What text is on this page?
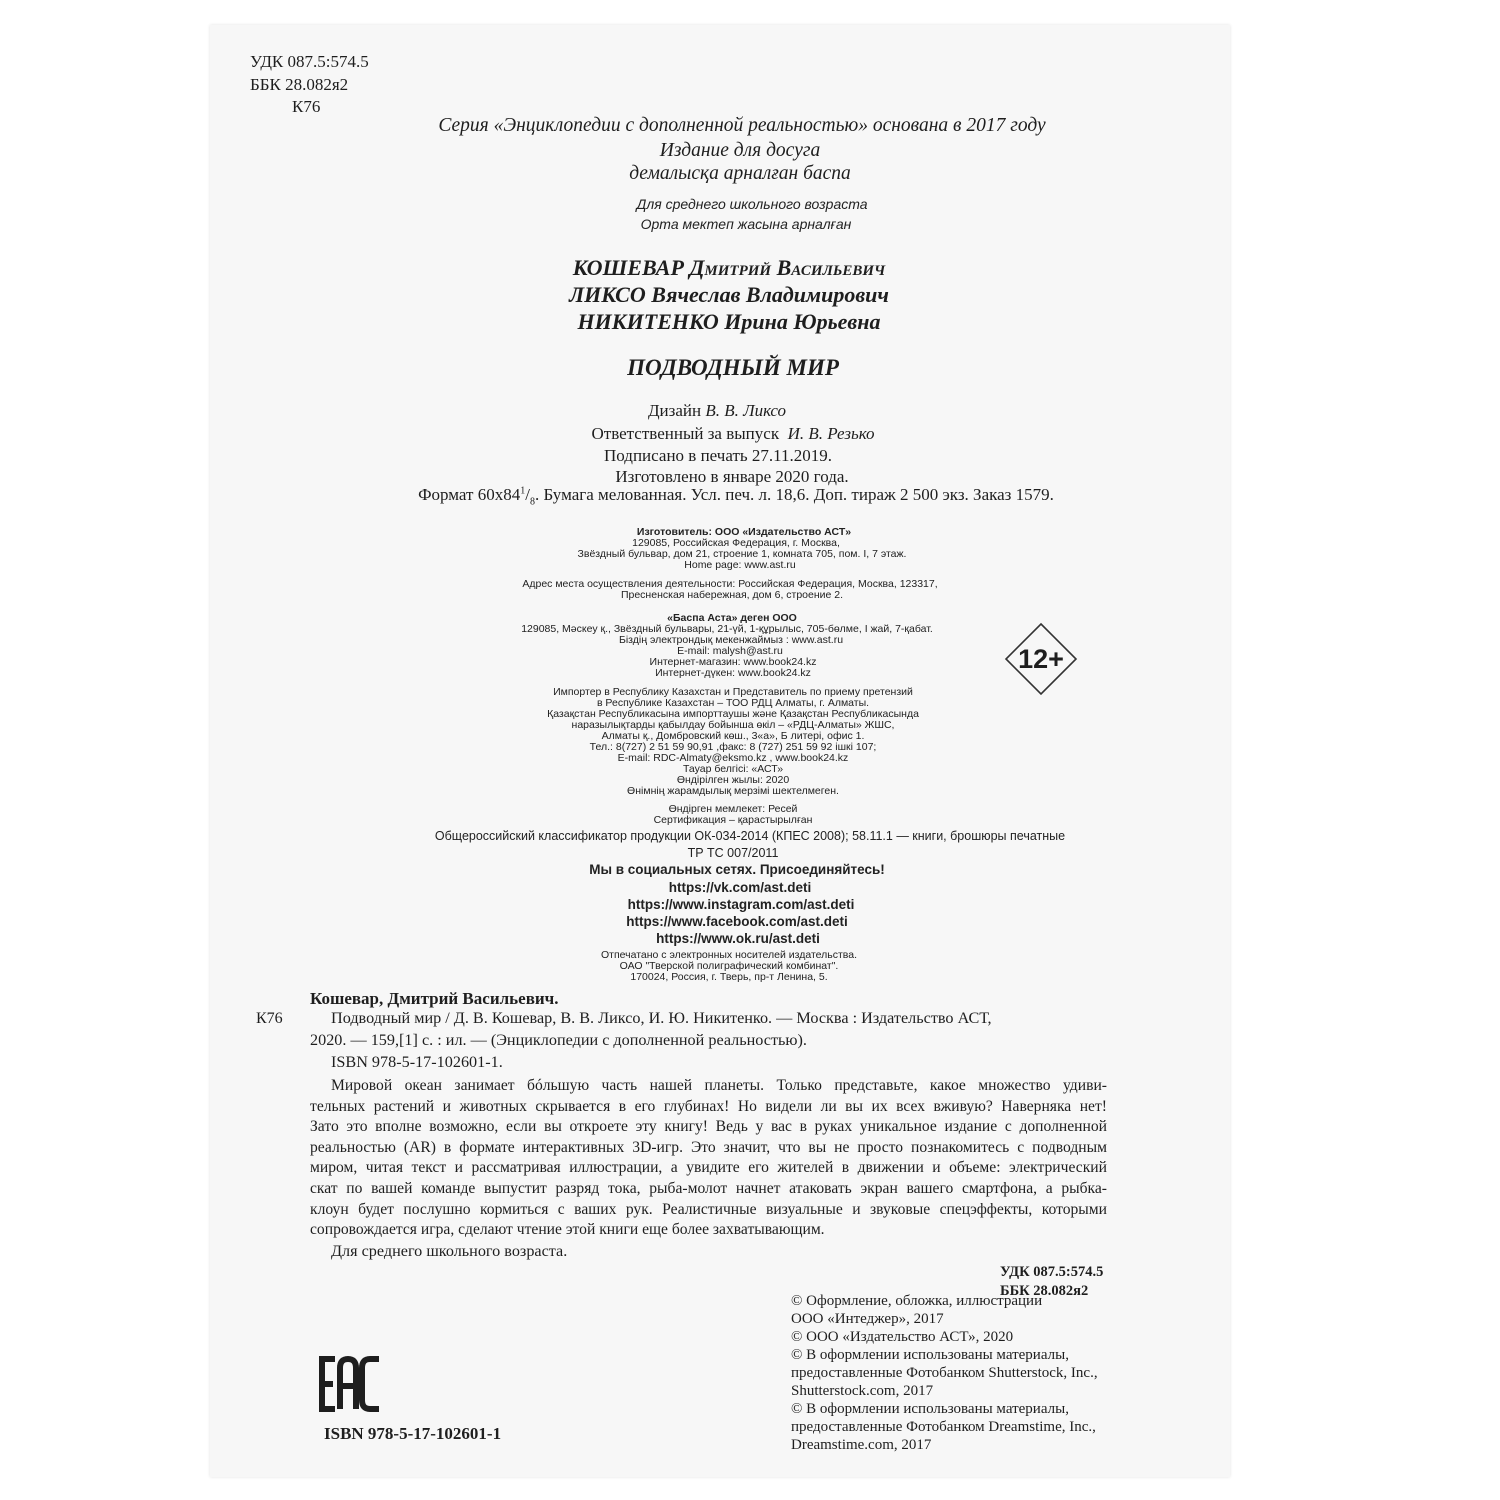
УДК 087.5:574.5
ББК 28.082я2
К76
Серия «Энциклопедии с дополненной реальностью» основана в 2017 году
Издание для досуга
демалысқа арналған баспа
Для среднего школьного возраста
Орта мектеп жасына арналған
КОШЕВАР Дмитрий Васильевич
ЛИКСО Вячеслав Владимирович
НИКИТЕНКО Ирина Юрьевна
ПОДВОДНЫЙ МИР
Дизайн В. В. Ликсо
Ответственный за выпуск И. В. Резько
Подписано в печать 27.11.2019.
Изготовлено в январе 2020 года.
Формат $60x84^1/_8$. Бумага мелованная. Усл. печ. л. 18,6. Доп. тираж 2 500 экз. Заказ 1579.
Изготовитель: ООО «Издательство АСТ»
129085, Российская Федерация, г. Москва,
Звёздный бульвар, дом 21, строение 1, комната 705, пом. I, 7 этаж.
Home page: www.ast.ru
Адрес места осуществления деятельности: Российская Федерация, Москва, 123317,
Пресненская набережная, дом 6, строение 2.
«Баспа Аста» деген ООО
129085, Мәскеу қ., Звёздный бульвары, 21-үй, 1-құрылыс, 705-бөлме, I жай, 7-қабат.
Біздің электрондық мекенжаймыз : www.ast.ru
E-mail: malysh@ast.ru
Интернет-магазин: www.book24.kz
Интернет-дүкен: www.book24.kz	12+
Импортер в Республику Казахстан и Представитель по приему претензий
в Республике Казахстан – ТОО РДЦ Алматы, г. Алматы.
Қазақстан Республикасына импорттаушы және Қазақстан Республикасында
наразылықтарды қабылдау бойынша өкіл – «РДЦ-Алматы» ЖШС,
Алматы қ., Домбровский көш., 3«а», Б литері, офис 1.
Тел.: 8(727) 2 51 59 90,91 ,факс: 8 (727) 251 59 92 ішкі 107;
E-mail: RDC-Almaty@eksmo.kz , www.book24.kz
Тауар белгісі: «АСТ»
Өндірілген жылы: 2020
Өнімнің жарамдылық мерзімі шектелмеген.
Өндірген мемлекет: Ресей
Сертификация – қарастырылған
Общероссийский классификатор продукции ОК-034-2014 (КПЕС 2008); 58.11.1 — книги, брошюры печатные
ТР ТС 007/2011
Мы в социальных сетях. Присоединяйтесь!
https://vk.com/ast.deti
https://www.instagram.com/ast.deti
https://www.facebook.com/ast.deti
https://www.ok.ru/ast.deti
Отпечатано с электронных носителей издательства.
ОАО "Тверской полиграфический комбинат".
170024, Россия, г. Тверь, пр-т Ленина, 5.
Кошевар, Дмитрий Васильевич.
К76	Подводный мир / Д. В. Кошевар, В. В. Ликсо, И. Ю. Никитенко. — Москва : Издательство АСТ,
2020. — 159,[1] с. : ил. — (Энциклопедии с дополненной реальностью).
ISBN 978-5-17-102601-1.
Мировой океан занимает бóльшую часть нашей планеты. Только представьте, какое множество удиви-
тельных растений и животных скрывается в его глубинах! Но видели ли вы их всех вживую? Наверняка нет!
Зато это вполне возможно, если вы откроете эту книгу! Ведь у вас в руках уникальное издание с дополненной
реальностью (AR) в формате интерактивных 3D-игр. Это значит, что вы не просто познакомитесь с подводным
миром, читая текст и рассматривая иллюстрации, а увидите его жителей в движении и объеме: электрический
скат по вашей команде выпустит разряд тока, рыба-молот начнет атаковать экран вашего смартфона, а рыбка-
клоун будет послушно кормиться с ваших рук. Реалистичные визуальные и звуковые спецэффекты, которыми
сопровождается игра, сделают чтение этой книги еще более захватывающим.
Для среднего школьного возраста.
УДК 087.5:574.5
ББК 28.082я2
© Оформление, обложка, иллюстрации
ООО «Интеджер», 2017
© ООО «Издательство АСТ», 2020
© В оформлении использованы материалы,
предоставленные Фотобанком Shutterstock, Inc.,
Shutterstock.com, 2017
© В оформлении использованы материалы,
предоставленные Фотобанком Dreamstime, Inc.,
Dreamstime.com, 2017
ISBN 978-5-17-102601-1
